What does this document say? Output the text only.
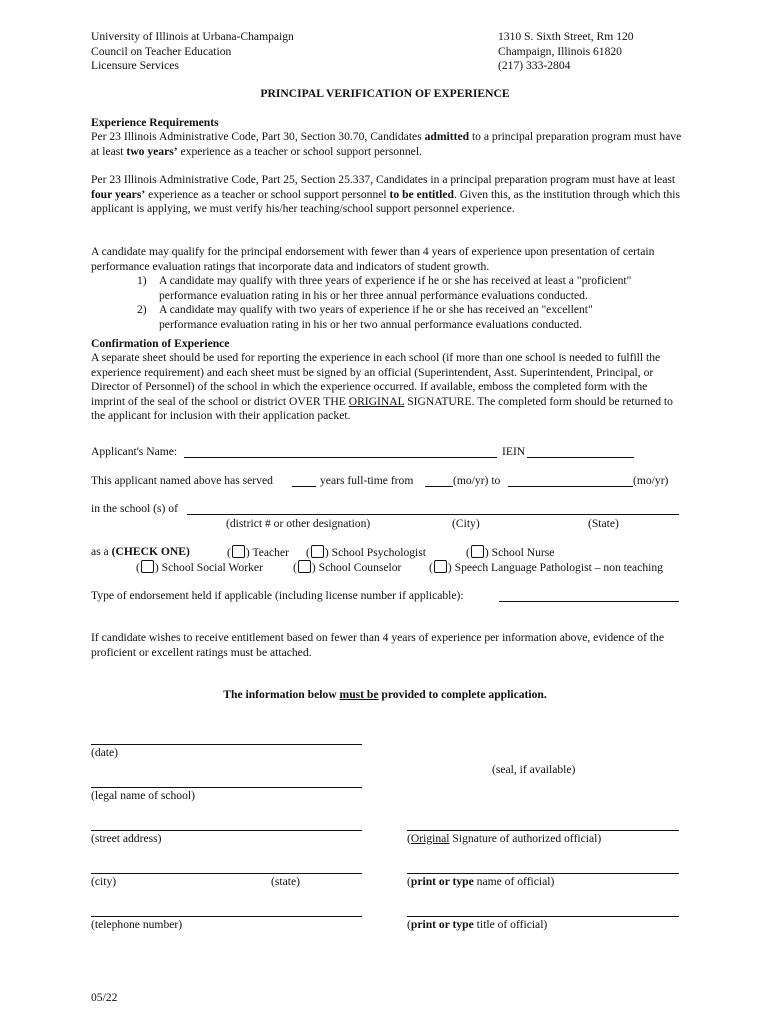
University of Illinois at Urbana-Champaign
Council on Teacher Education
Licensure Services
1310 S. Sixth Street, Rm 120
Champaign, Illinois 61820
(217) 333-2804
PRINCIPAL VERIFICATION OF EXPERIENCE
Experience Requirements
Per 23 Illinois Administrative Code, Part 30, Section 30.70, Candidates admitted to a principal preparation program must have at least two years’ experience as a teacher or school support personnel.
Per 23 Illinois Administrative Code, Part 25, Section 25.337, Candidates in a principal preparation program must have at least four years’ experience as a teacher or school support personnel to be entitled. Given this, as the institution through which this applicant is applying, we must verify his/her teaching/school support personnel experience.
A candidate may qualify for the principal endorsement with fewer than 4 years of experience upon presentation of certain performance evaluation ratings that incorporate data and indicators of student growth.
1) A candidate may qualify with three years of experience if he or she has received at least a "proficient"
performance evaluation rating in his or her three annual performance evaluations conducted.
2) A candidate may qualify with two years of experience if he or she has received an "excellent"
performance evaluation rating in his or her two annual performance evaluations conducted.
Confirmation of Experience
A separate sheet should be used for reporting the experience in each school (if more than one school is needed to fulfill the experience requirement) and each sheet must be signed by an official (Superintendent, Asst. Superintendent, Principal, or Director of Personnel) of the school in which the experience occurred. If available, emboss the completed form with the imprint of the seal of the school or district OVER THE ORIGINAL SIGNATURE. The completed form should be returned to the applicant for inclusion with their application packet.
Applicant's Name:	IEIN
This applicant named above has served	years full-time from	(mo/yr) to	(mo/yr)
in the school (s) of
(district # or other designation)	(City)	(State)
as a (CHECK ONE)	( ) Teacher ( ) School Psychologist	( ) School Nurse
( ) School Social Worker	( ) School Counselor ( ) Speech Language Pathologist – non teaching
Type of endorsement held if applicable (including license number if applicable):
If candidate wishes to receive entitlement based on fewer than 4 years of experience per information above, evidence of the proficient or excellent ratings must be attached.
The information below must be provided to complete application.
(date)
(seal, if available)
(legal name of school)
(street address)	(Original Signature of authorized official)
(city)	(state)	(print or type name of official)
(telephone number)	(print or type title of official)
05/22
